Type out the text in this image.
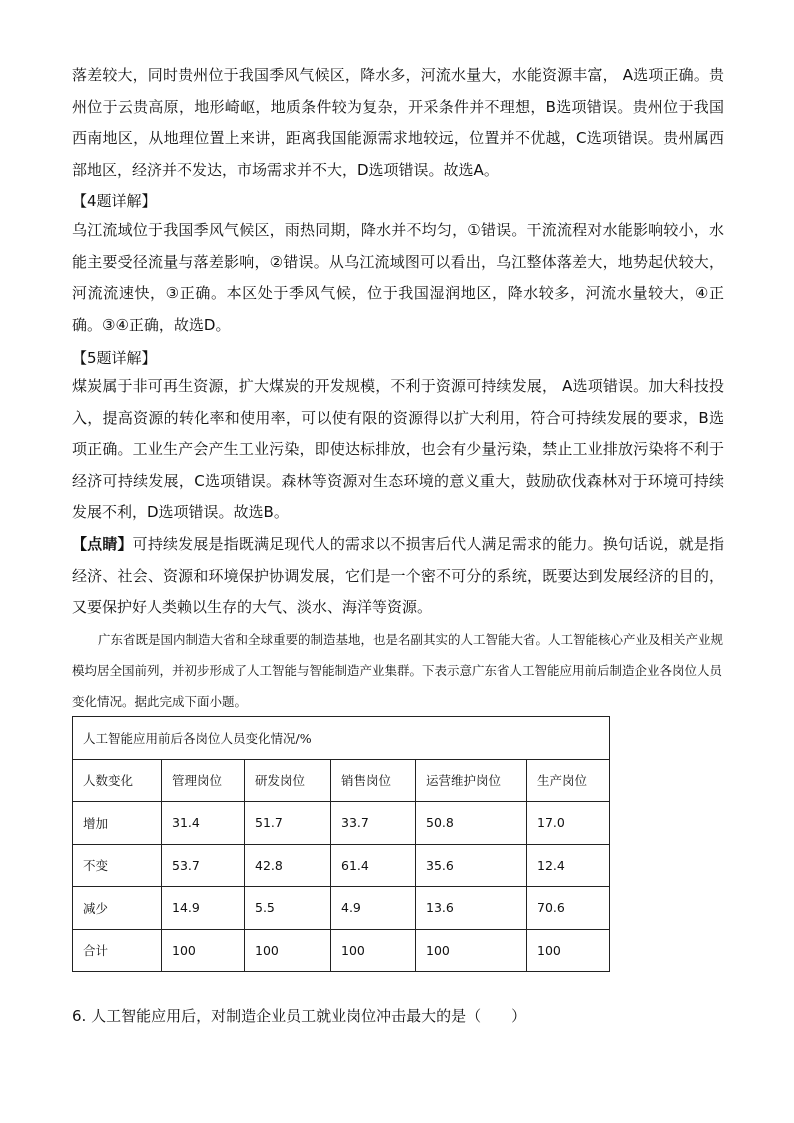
落差较大，同时贵州位于我国季风气候区，降水多，河流水量大，水能资源丰富， A选项正确。贵州位于云贵高原，地形崎岖，地质条件较为复杂，开采条件并不理想，B选项错误。贵州位于我国西南地区，从地理位置上来讲，距离我国能源需求地较远，位置并不优越，C选项错误。贵州属西部地区，经济并不发达，市场需求并不大，D选项错误。故选A。

【4题详解】

乌江流域位于我国季风气候区，雨热同期，降水并不均匀，①错误。干流流程对水能影响较小，水能主要受径流量与落差影响，②错误。从乌江流域图可以看出，乌江整体落差大，地势起伏较大，河流流速快，③正确。本区处于季风气候，位于我国湿润地区，降水较多，河流水量较大，④正确。③④正确，故选D。

【5题详解】

煤炭属于非可再生资源，扩大煤炭的开发规模，不利于资源可持续发展， A选项错误。加大科技投入，提高资源的转化率和使用率，可以使有限的资源得以扩大利用，符合可持续发展的要求，B选项正确。工业生产会产生工业污染，即使达标排放，也会有少量污染，禁止工业排放污染将不利于经济可持续发展，C选项错误。森林等资源对生态环境的意义重大，鼓励砍伐森林对于环境可持续发展不利，D选项错误。故选B。

【点睛】可持续发展是指既满足现代人的需求以不损害后代人满足需求的能力。换句话说，就是指经济、社会、资源和环境保护协调发展，它们是一个密不可分的系统，既要达到发展经济的目的，又要保护好人类赖以生存的大气、淡水、海洋等资源。

广东省既是国内制造大省和全球重要的制造基地，也是名副其实的人工智能大省。人工智能核心产业及相关产业规模均居全国前列，并初步形成了人工智能与智能制造产业集群。下表示意广东省人工智能应用前后制造企业各岗位人员变化情况。据此完成下面小题。

人工智能应用前后各岗位人员变化情况/%					
人数变化	管理岗位	研发岗位	销售岗位	运营维护岗位	生产岗位
增加	31.4	51.7	33.7	50.8	17.0
不变	53.7	42.8	61.4	35.6	12.4
减少	14.9	5.5	4.9	13.6	70.6
合计	100	100	100	100	100
6. 人工智能应用后，对制造企业员工就业岗位冲击最大的是（　　）
